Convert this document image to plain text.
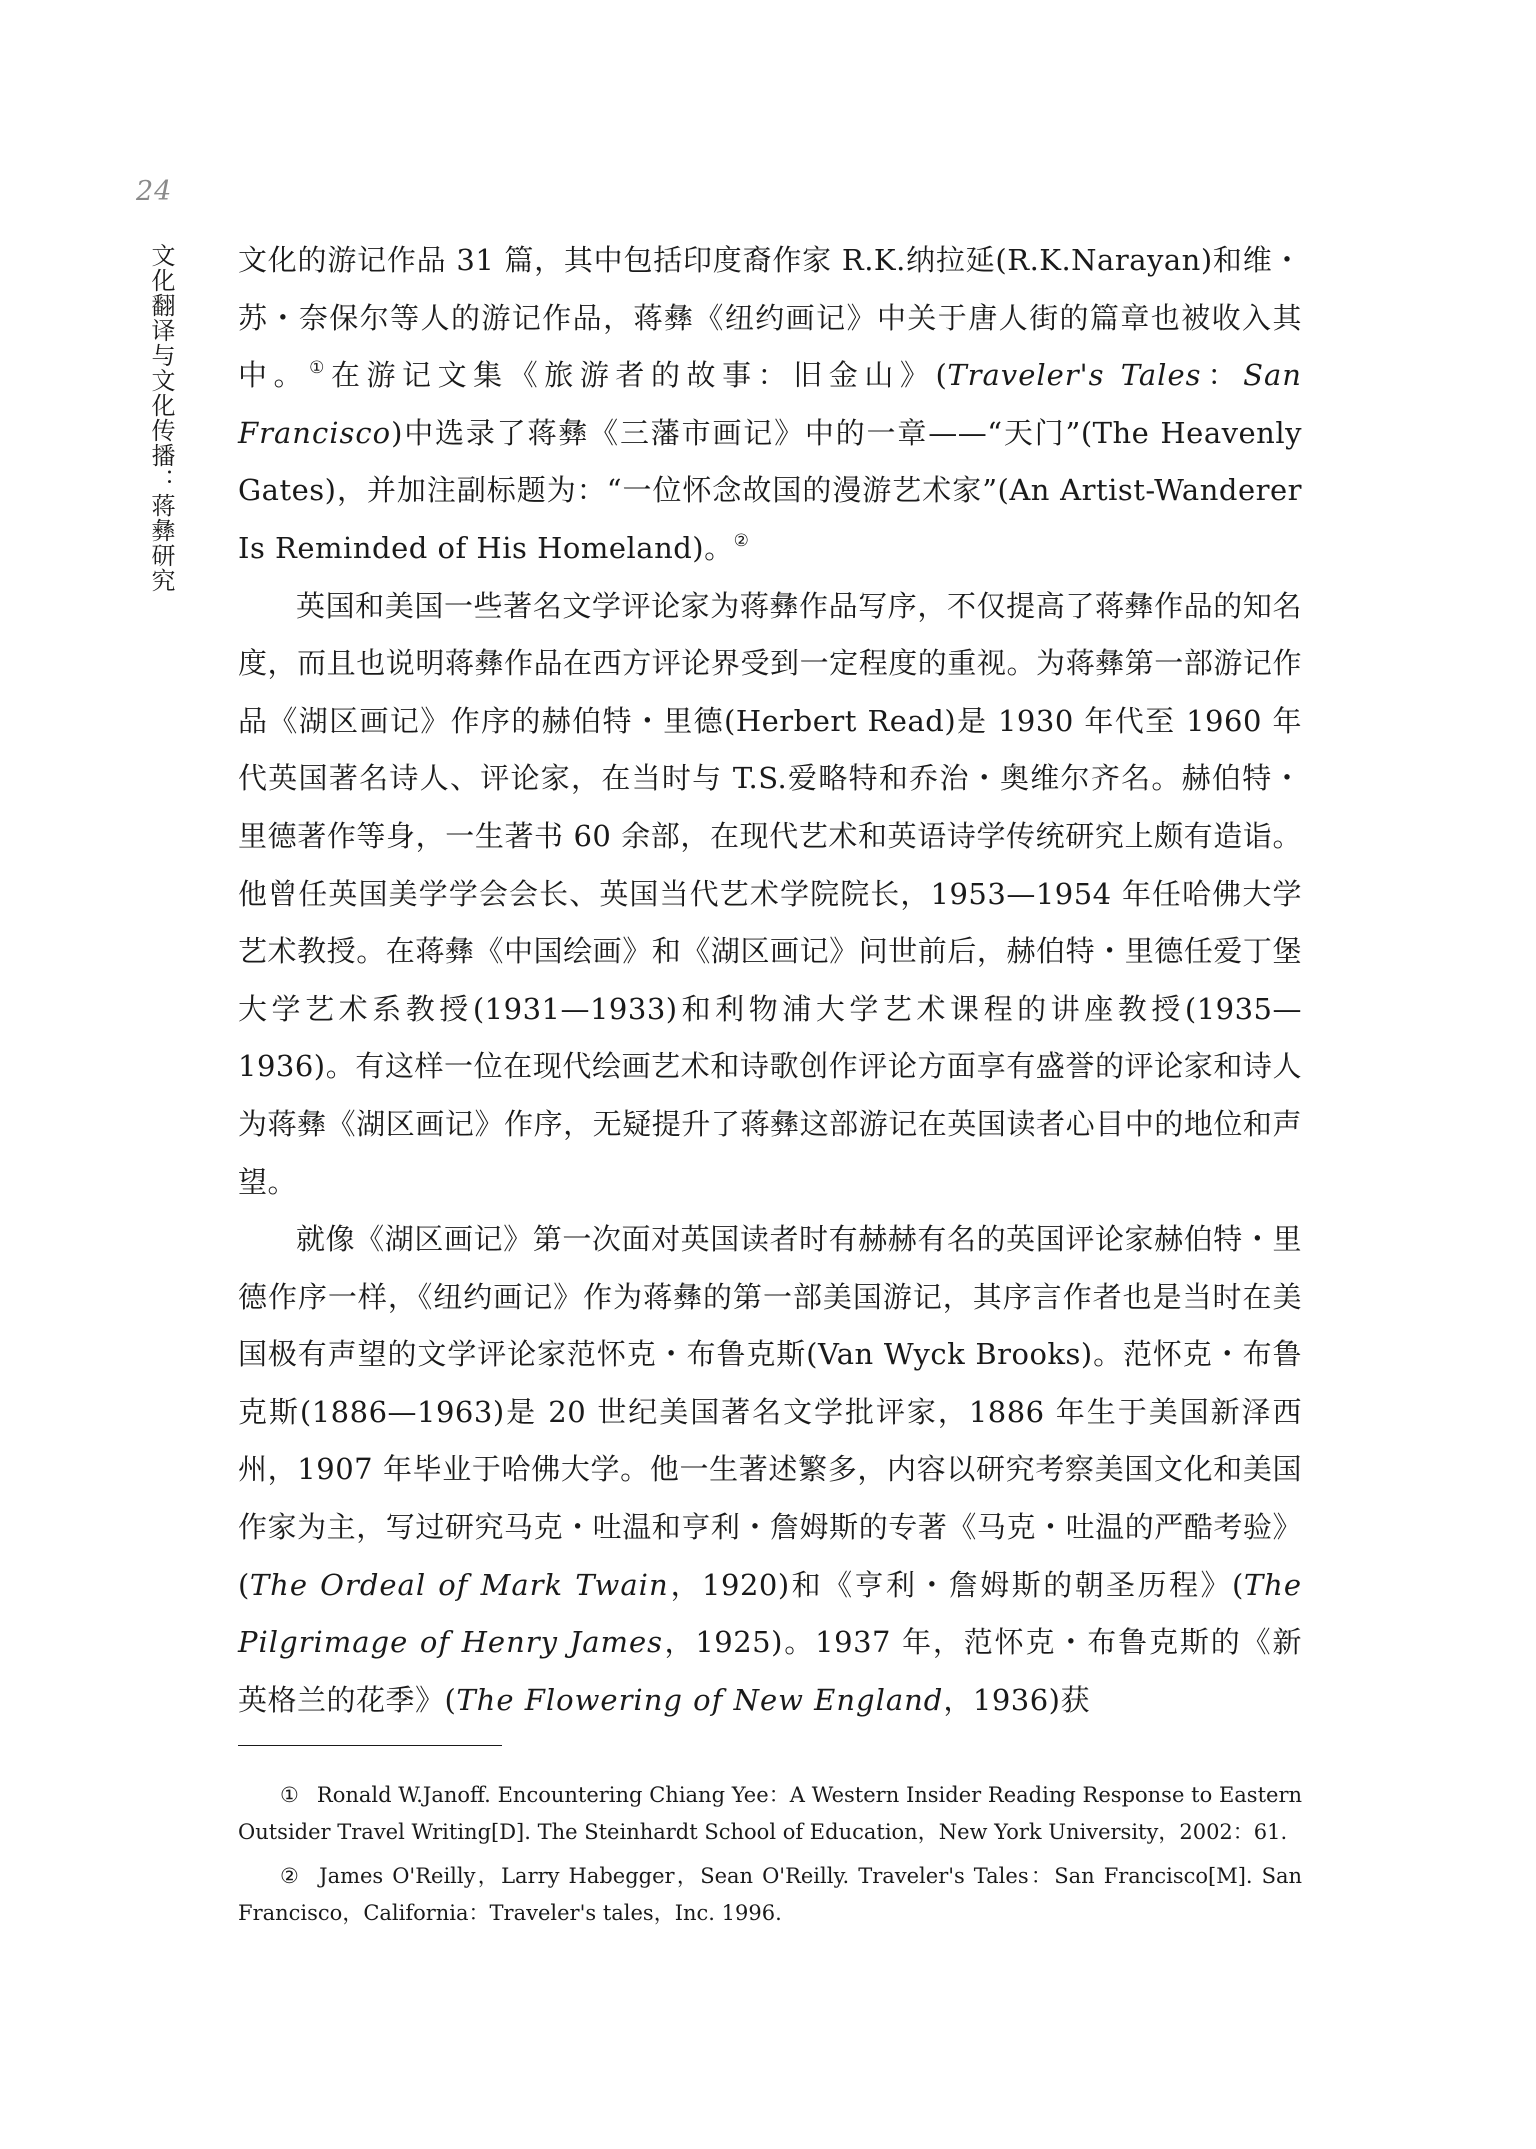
24
文化翻译与文化传播：蒋彝研究 文化的游记作品 31 篇，其中包括印度裔作家 R.K.纳拉延(R.K.Narayan)和维・苏・奈保尔等人的游记作品，蒋彝《纽约画记》中关于唐人街的篇章也被收入其中。①在游记文集《旅游者的故事：旧金山》(Traveler's Tales：San Francisco)中选录了蒋彝《三藩市画记》中的一章——“天门”(The Heavenly Gates)，并加注副标题为：“一位怀念故国的漫游艺术家”(An Artist-Wanderer Is Reminded of His Homeland)。②

英国和美国一些著名文学评论家为蒋彝作品写序，不仅提高了蒋彝作品的知名度，而且也说明蒋彝作品在西方评论界受到一定程度的重视。为蒋彝第一部游记作品《湖区画记》作序的赫伯特・里德(Herbert Read)是 1930 年代至 1960 年代英国著名诗人、评论家，在当时与 T.S.爱略特和乔治・奥维尔齐名。赫伯特・里德著作等身，一生著书 60 余部，在现代艺术和英语诗学传统研究上颇有造诣。他曾任英国美学学会会长、英国当代艺术学院院长，1953—1954 年任哈佛大学艺术教授。在蒋彝《中国绘画》和《湖区画记》问世前后，赫伯特・里德任爱丁堡大学艺术系教授(1931—1933)和利物浦大学艺术课程的讲座教授(1935—1936)。有这样一位在现代绘画艺术和诗歌创作评论方面享有盛誉的评论家和诗人为蒋彝《湖区画记》作序，无疑提升了蒋彝这部游记在英国读者心目中的地位和声望。

就像《湖区画记》第一次面对英国读者时有赫赫有名的英国评论家赫伯特・里德作序一样，《纽约画记》作为蒋彝的第一部美国游记，其序言作者也是当时在美国极有声望的文学评论家范怀克・布鲁克斯(Van Wyck Brooks)。范怀克・布鲁克斯(1886—1963)是 20 世纪美国著名文学批评家，1886 年生于美国新泽西州，1907 年毕业于哈佛大学。他一生著述繁多，内容以研究考察美国文化和美国作家为主，写过研究马克・吐温和亨利・詹姆斯的专著《马克・吐温的严酷考验》(The Ordeal of Mark Twain，1920)和《亨利・詹姆斯的朝圣历程》(The Pilgrimage of Henry James，1925)。1937 年，范怀克・布鲁克斯的《新英格兰的花季》(The Flowering of New England，1936)获

① Ronald W.Janoff. Encountering Chiang Yee：A Western Insider Reading Response to Eastern Outsider Travel Writing[D]. The Steinhardt School of Education，New York University，2002：61.

② James O'Reilly，Larry Habegger，Sean O'Reilly. Traveler's Tales：San Francisco[M]. San Francisco，California：Traveler's tales，Inc. 1996.
